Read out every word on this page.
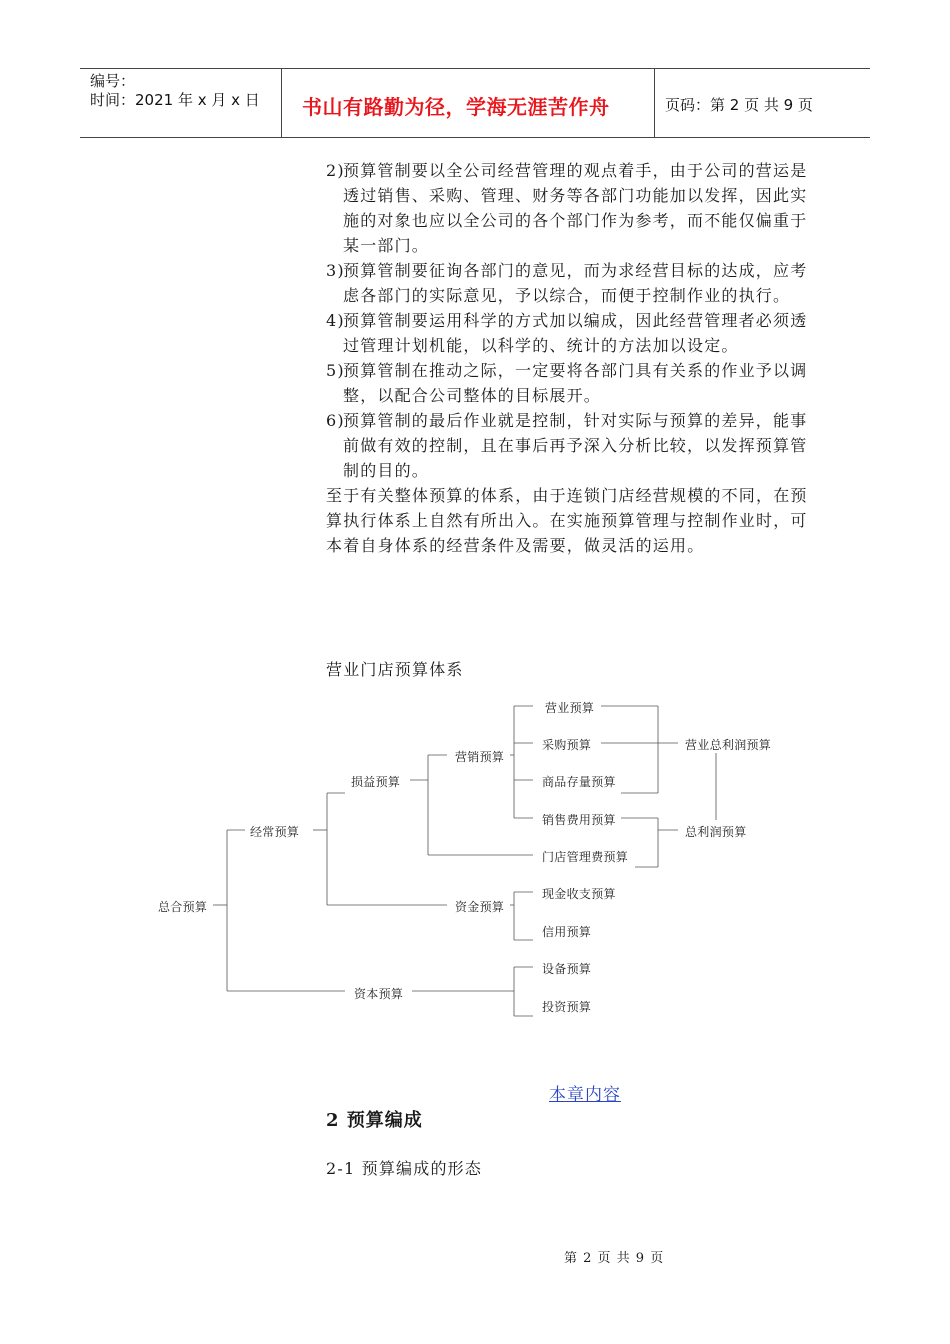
编号：
时间：2021 年 x 月 x 日 书山有路勤为径，学海无涯苦作舟	页码：第 2 页 共 9 页
2)
预算管制要以全公司经营管理的观点着手，由于公司的营运是透过销售、采购、管理、财务等各部门功能加以发挥，因此实施的对象也应以全公司的各个部门作为参考，而不能仅偏重于某一部门。
3)
预算管制要征询各部门的意见，而为求经营目标的达成，应考虑各部门的实际意见，予以综合，而便于控制作业的执行。
4)
预算管制要运用科学的方式加以编成，因此经营管理者必须透过管理计划机能，以科学的、统计的方法加以设定。
5)
预算管制在推动之际，一定要将各部门具有关系的作业予以调整，以配合公司整体的目标展开。
6)
预算管制的最后作业就是控制，针对实际与预算的差异，能事前做有效的控制，且在事后再予深入分析比较，以发挥预算管制的目的。
至于有关整体预算的体系，由于连锁门店经营规模的不同，在预算执行体系上自然有所出入。在实施预算管理与控制作业时，可本着自身体系的经营条件及需要，做灵活的运用。
营业门店预算体系
总合预算
经常预算
资本预算
损益预算
资金预算
营销预算
门店管理费预算
营业预算
采购预算
商品存量预算
销售费用预算
现金收支预算
信用预算
设备预算
投资预算
营业总利润预算
总利润预算
本章内容
2 预算编成
2-1 预算编成的形态
第 2 页 共 9 页
